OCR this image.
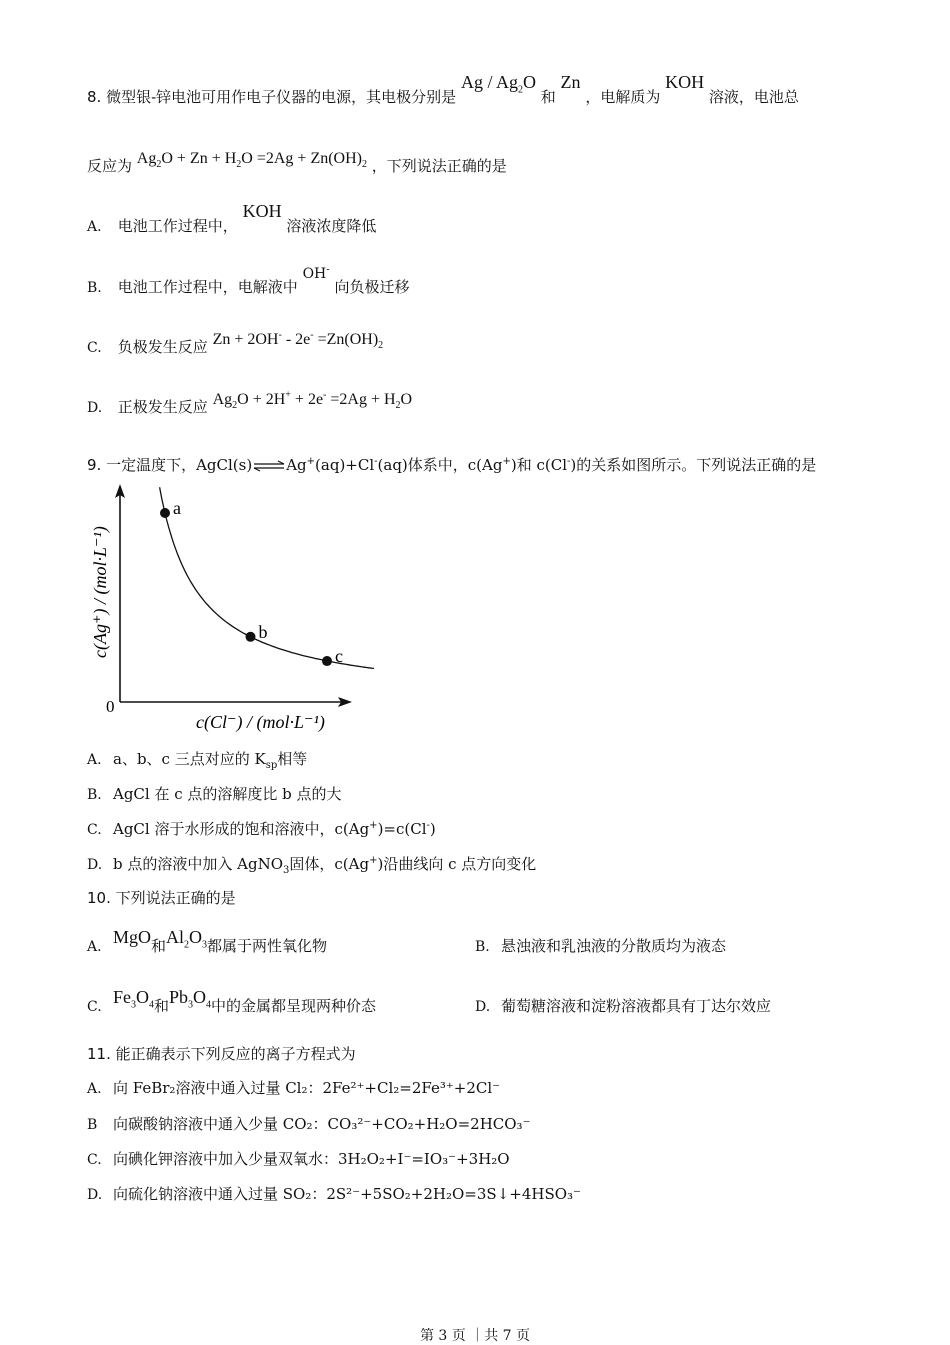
8. 微型银-锌电池可用作电子仪器的电源，其电极分别是 Ag / $Ag_2O$ 和 Zn ，电解质为 KOH 溶液，电池总
反应为 $Ag_2O + Zn + H_2O =2Ag + Zn(OH)_2$ ，下列说法正确的是
A. 电池工作过程中， KOH 溶液浓度降低
B. 电池工作过程中，电解液中 OH- 向负极迁移
C. 负极发生反应 $Zn + 2OH^- - 2e^- =Zn(OH)_2$
D. 正极发生反应 $Ag_2O + 2H^+ + 2e^- =2Ag + H_2O$
9. 一定温度下，AgCl(s)⇌Ag+(aq)+Cl-(aq)体系中，c(Ag+)和 c(Cl-)的关系如图所示。下列说法正确的是
0
a
b
c
c(Cl⁻) / (mol·L⁻¹)
c(Ag⁺) / (mol·L⁻¹)
A. a、b、c 三点对应的 $K_{sp}$相等
B. AgCl 在 c 点的溶解度比 b 点的大
C. AgCl 溶于水形成的饱和溶液中，c(Ag+)=c(Cl-)
D. b 点的溶液中加入 AgNO$_3$固体，c(Ag+)沿曲线向 c 点方向变化
10. 下列说法正确的是
A. MgO和$Al_2O_3$都属于两性氧化物	B. 悬浊液和乳浊液的分散质均为液态
C. $Fe_3O_4$和$Pb_3O_4$中的金属都呈现两种价态	D. 葡萄糖溶液和淀粉溶液都具有丁达尔效应
11. 能正确表示下列反应的离子方程式为
A. 向 FeBr₂溶液中通入过量 Cl₂：2Fe²⁺+Cl₂=2Fe³⁺+2Cl⁻
B 向碳酸钠溶液中通入少量 CO₂：CO₃²⁻+CO₂+H₂O=2HCO₃⁻
C. 向碘化钾溶液中加入少量双氧水：3H₂O₂+I⁻=IO₃⁻+3H₂O
D. 向硫化钠溶液中通入过量 SO₂：2S²⁻+5SO₂+2H₂O=3S↓+4HSO₃⁻
第 3 页 ｜共 7 页
